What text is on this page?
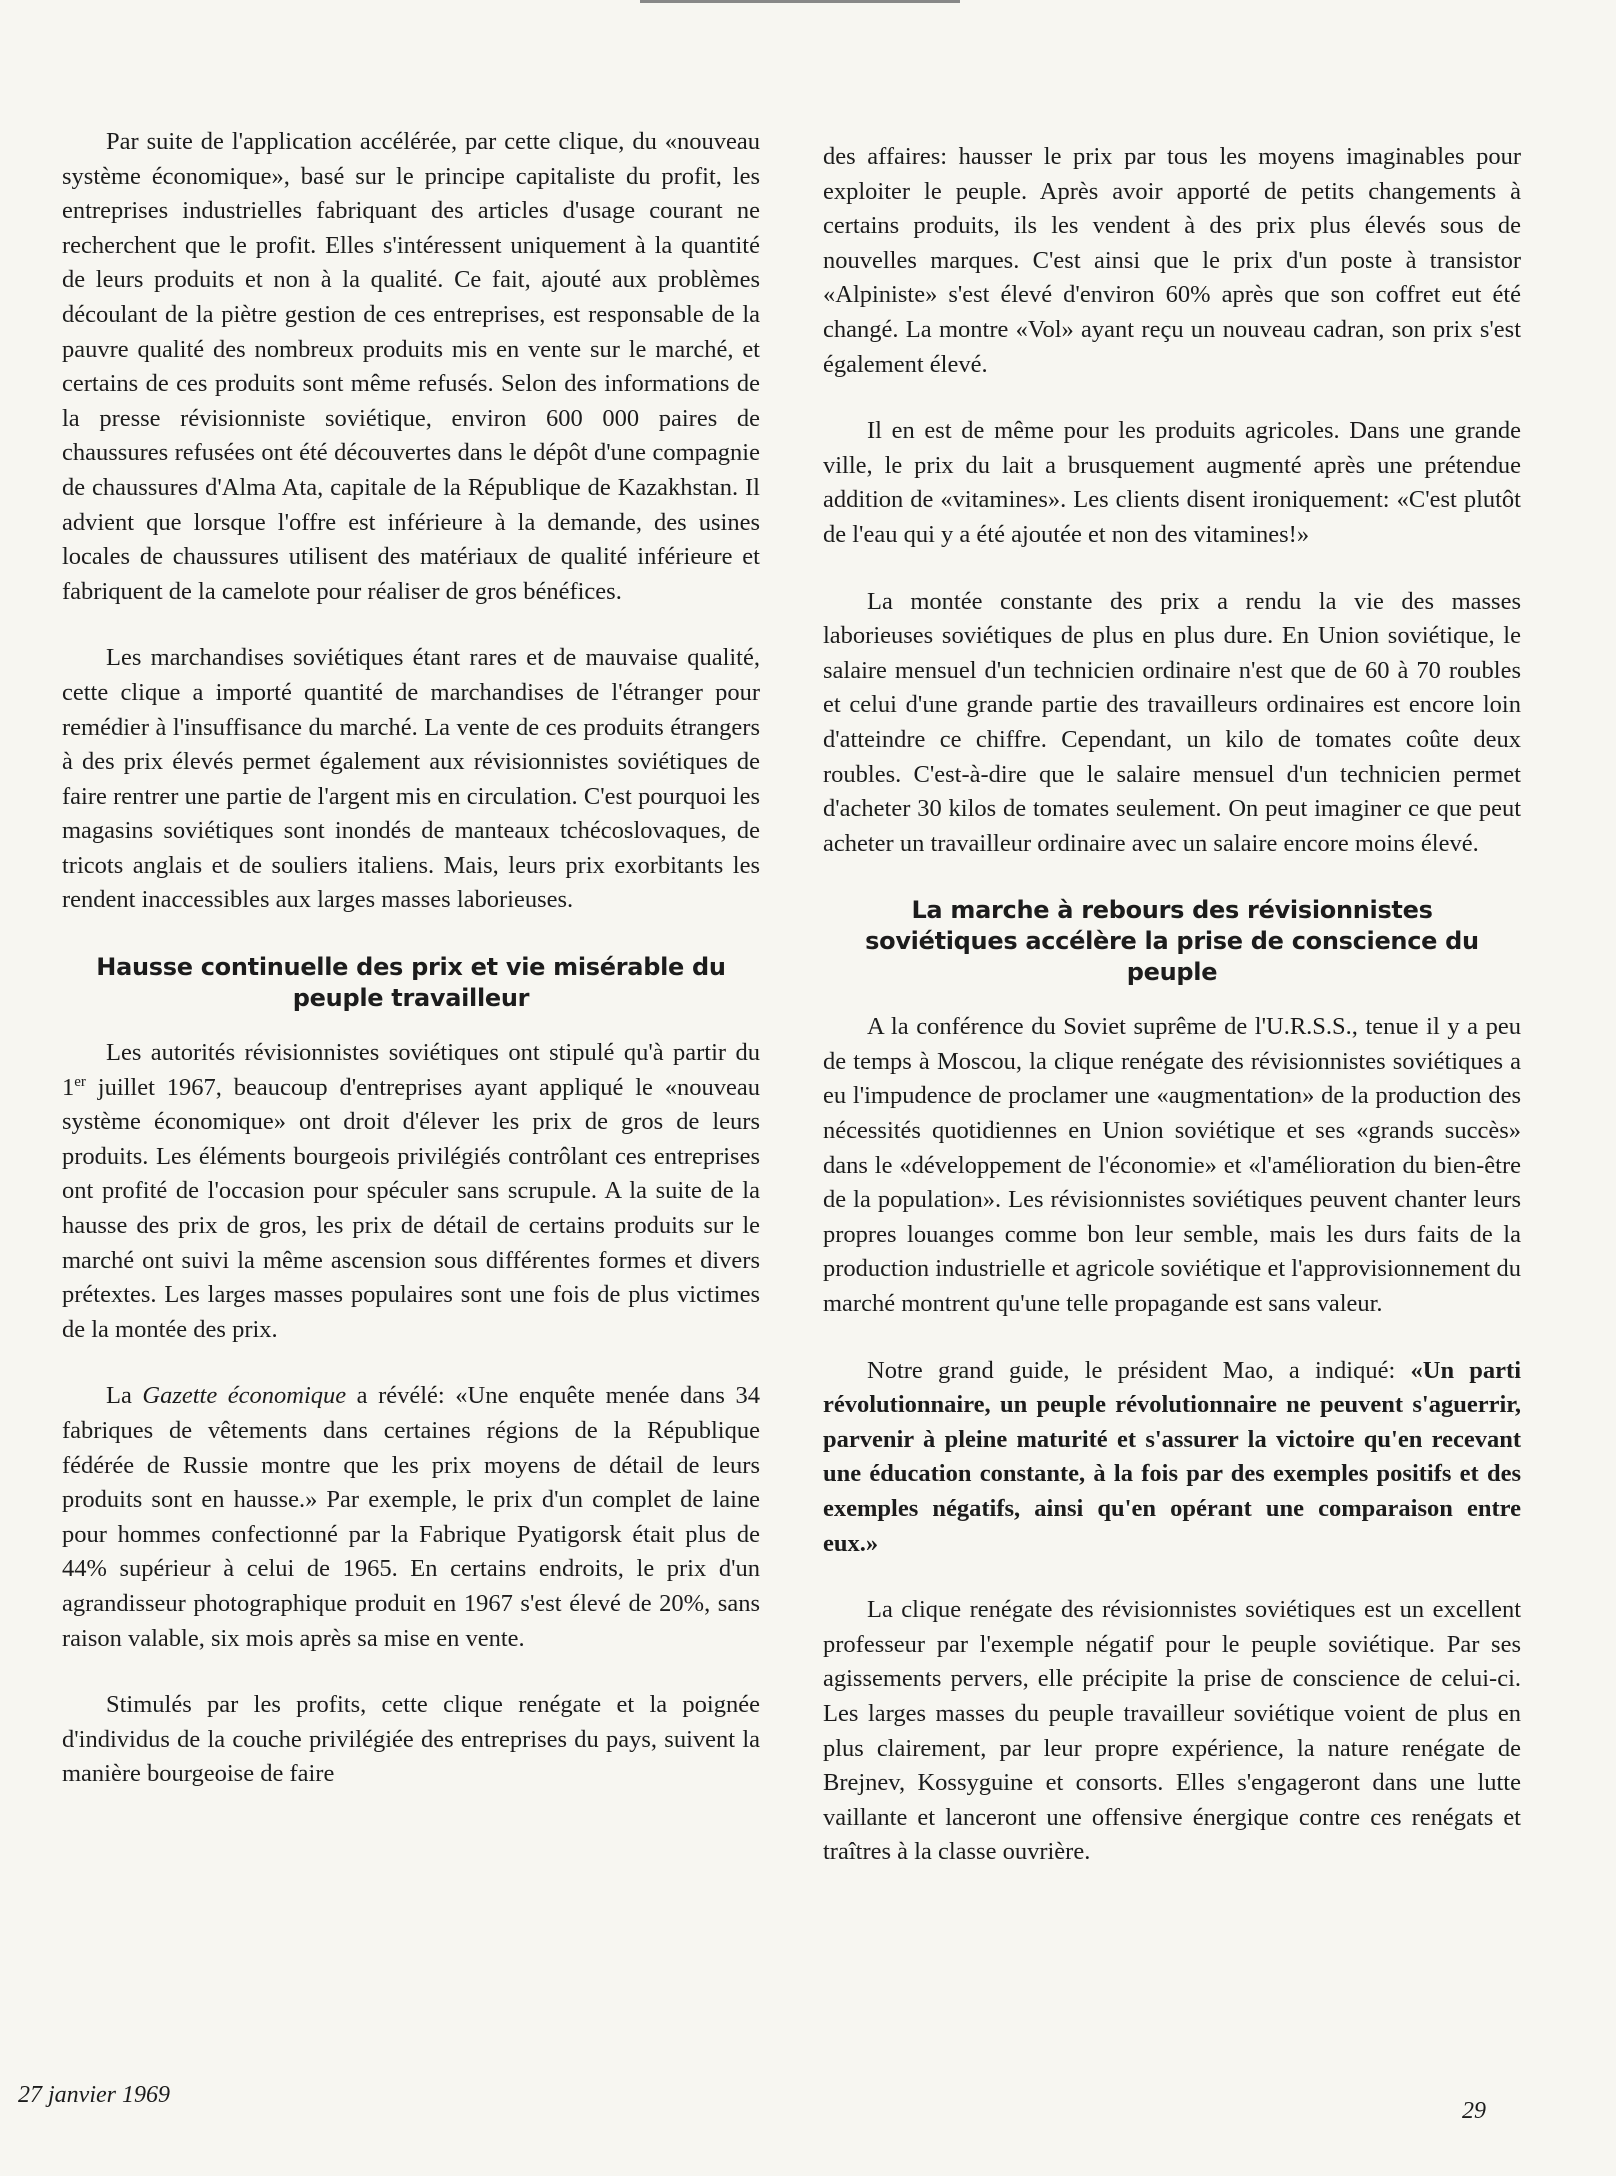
Par suite de l'application accélérée, par cette clique, du «nouveau système économique», basé sur le principe capitaliste du profit, les entreprises industrielles fabriquant des articles d'usage courant ne recherchent que le profit. Elles s'intéressent uniquement à la quantité de leurs produits et non à la qualité. Ce fait, ajouté aux problèmes découlant de la piètre gestion de ces entreprises, est responsable de la pauvre qualité des nombreux produits mis en vente sur le marché, et certains de ces produits sont même refusés. Selon des informations de la presse révisionniste soviétique, environ 600 000 paires de chaussures refusées ont été découvertes dans le dépôt d'une compagnie de chaussures d'Alma Ata, capitale de la République de Kazakhstan. Il advient que lorsque l'offre est inférieure à la demande, des usines locales de chaussures utilisent des matériaux de qualité inférieure et fabriquent de la camelote pour réaliser de gros bénéfices.

Les marchandises soviétiques étant rares et de mauvaise qualité, cette clique a importé quantité de marchandises de l'étranger pour remédier à l'insuffisance du marché. La vente de ces produits étrangers à des prix élevés permet également aux révisionnistes soviétiques de faire rentrer une partie de l'argent mis en circulation. C'est pourquoi les magasins soviétiques sont inondés de manteaux tchécoslovaques, de tricots anglais et de souliers italiens. Mais, leurs prix exorbitants les rendent inaccessibles aux larges masses laborieuses.

Hausse continuelle des prix et vie misérable du peuple travailleur

Les autorités révisionnistes soviétiques ont stipulé qu'à partir du 1er juillet 1967, beaucoup d'entreprises ayant appliqué le «nouveau système économique» ont droit d'élever les prix de gros de leurs produits. Les éléments bourgeois privilégiés contrôlant ces entreprises ont profité de l'occasion pour spéculer sans scrupule. A la suite de la hausse des prix de gros, les prix de détail de certains produits sur le marché ont suivi la même ascension sous différentes formes et divers prétextes. Les larges masses populaires sont une fois de plus victimes de la montée des prix.

La Gazette économique a révélé: «Une enquête menée dans 34 fabriques de vêtements dans certaines régions de la République fédérée de Russie montre que les prix moyens de détail de leurs produits sont en hausse.» Par exemple, le prix d'un complet de laine pour hommes confectionné par la Fabrique Pyatigorsk était plus de 44% supérieur à celui de 1965. En certains endroits, le prix d'un agrandisseur photographique produit en 1967 s'est élevé de 20%, sans raison valable, six mois après sa mise en vente.

Stimulés par les profits, cette clique renégate et la poignée d'individus de la couche privilégiée des entreprises du pays, suivent la manière bourgeoise de faire

des affaires: hausser le prix par tous les moyens imaginables pour exploiter le peuple. Après avoir apporté de petits changements à certains produits, ils les vendent à des prix plus élevés sous de nouvelles marques. C'est ainsi que le prix d'un poste à transistor «Alpiniste» s'est élevé d'environ 60% après que son coffret eut été changé. La montre «Vol» ayant reçu un nouveau cadran, son prix s'est également élevé.

Il en est de même pour les produits agricoles. Dans une grande ville, le prix du lait a brusquement augmenté après une prétendue addition de «vitamines». Les clients disent ironiquement: «C'est plutôt de l'eau qui y a été ajoutée et non des vitamines!»

La montée constante des prix a rendu la vie des masses laborieuses soviétiques de plus en plus dure. En Union soviétique, le salaire mensuel d'un technicien ordinaire n'est que de 60 à 70 roubles et celui d'une grande partie des travailleurs ordinaires est encore loin d'atteindre ce chiffre. Cependant, un kilo de tomates coûte deux roubles. C'est-à-dire que le salaire mensuel d'un technicien permet d'acheter 30 kilos de tomates seulement. On peut imaginer ce que peut acheter un travailleur ordinaire avec un salaire encore moins élevé.

La marche à rebours des révisionnistes soviétiques accélère la prise de conscience du peuple

A la conférence du Soviet suprême de l'U.R.S.S., tenue il y a peu de temps à Moscou, la clique renégate des révisionnistes soviétiques a eu l'impudence de proclamer une «augmentation» de la production des nécessités quotidiennes en Union soviétique et ses «grands succès» dans le «développement de l'économie» et «l'amélioration du bien-être de la population». Les révisionnistes soviétiques peuvent chanter leurs propres louanges comme bon leur semble, mais les durs faits de la production industrielle et agricole soviétique et l'approvisionnement du marché montrent qu'une telle propagande est sans valeur.

Notre grand guide, le président Mao, a indiqué: «Un parti révolutionnaire, un peuple révolutionnaire ne peuvent s'aguerrir, parvenir à pleine maturité et s'assurer la victoire qu'en recevant une éducation constante, à la fois par des exemples positifs et des exemples négatifs, ainsi qu'en opérant une comparaison entre eux.»

La clique renégate des révisionnistes soviétiques est un excellent professeur par l'exemple négatif pour le peuple soviétique. Par ses agissements pervers, elle précipite la prise de conscience de celui-ci. Les larges masses du peuple travailleur soviétique voient de plus en plus clairement, par leur propre expérience, la nature renégate de Brejnev, Kossyguine et consorts. Elles s'engageront dans une lutte vaillante et lanceront une offensive énergique contre ces renégats et traîtres à la classe ouvrière.

27 janvier 1969
29
